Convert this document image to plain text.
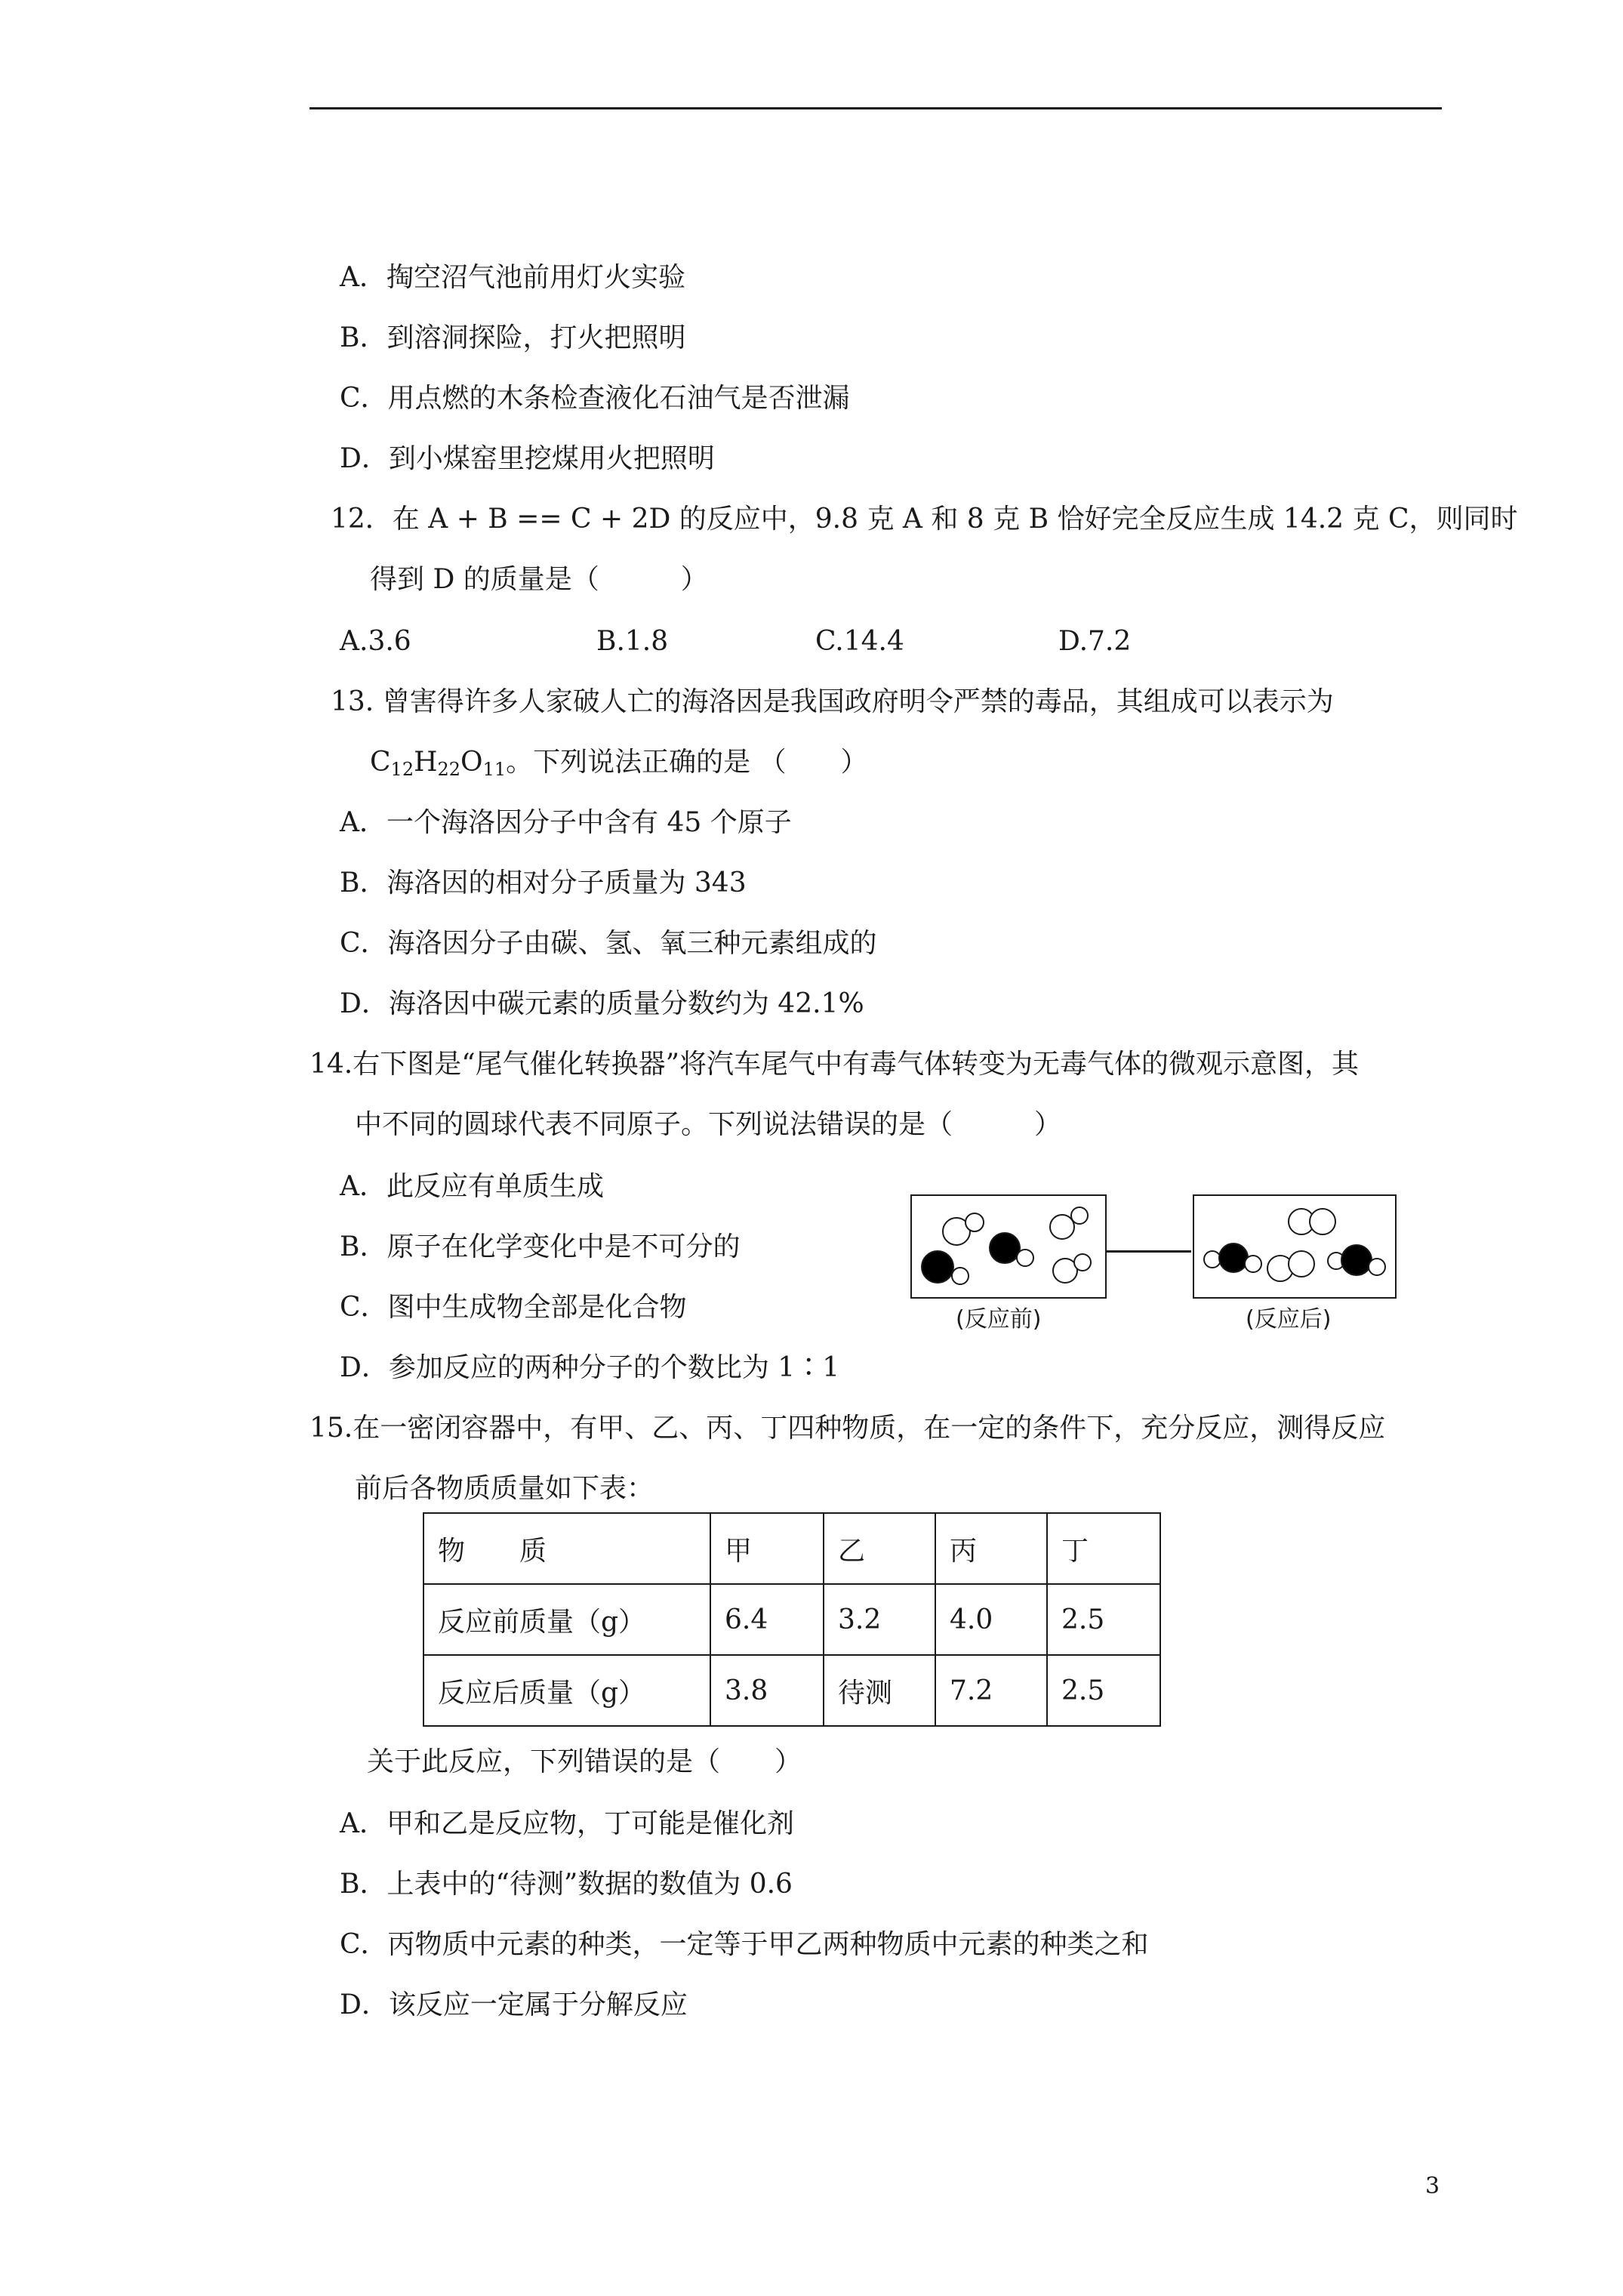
A．掏空沼气池前用灯火实验
B．到溶洞探险，打火把照明
C．用点燃的木条检查液化石油气是否泄漏
D．到小煤窑里挖煤用火把照明
12．在 A + B == C + 2D 的反应中，9.8 克 A 和 8 克 B 恰好完全反应生成 14.2 克 C，则同时
得到 D 的质量是（　　　）
A.3.6	B.1.8	C.14.4	D.7.2
13. 曾害得许多人家破人亡的海洛因是我国政府明令严禁的毒品，其组成可以表示为
$C_{12}H_{22}O_{11}$。下列说法正确的是 （　　）
A．一个海洛因分子中含有 45 个原子
B．海洛因的相对分子质量为 343
C．海洛因分子由碳、氢、氧三种元素组成的
D．海洛因中碳元素的质量分数约为 42.1%
14.右下图是“尾气催化转换器”将汽车尾气中有毒气体转变为无毒气体的微观示意图，其
中不同的圆球代表不同原子。下列说法错误的是（　　　）
A．此反应有单质生成
B．原子在化学变化中是不可分的
C．图中生成物全部是化合物
D．参加反应的两种分子的个数比为 1∶1
(反应前)	(反应后)
15.在一密闭容器中，有甲、乙、丙、丁四种物质，在一定的条件下，充分反应，测得反应
前后各物质质量如下表：
物　　质	甲	乙	丙	丁
反应前质量（g）	6.4	3.2	4.0	2.5
反应后质量（g）	3.8	待测	7.2	2.5
关于此反应，下列错误的是（　　）
A．甲和乙是反应物，丁可能是催化剂
B．上表中的“待测”数据的数值为 0.6
C．丙物质中元素的种类，一定等于甲乙两种物质中元素的种类之和
D．该反应一定属于分解反应
3
